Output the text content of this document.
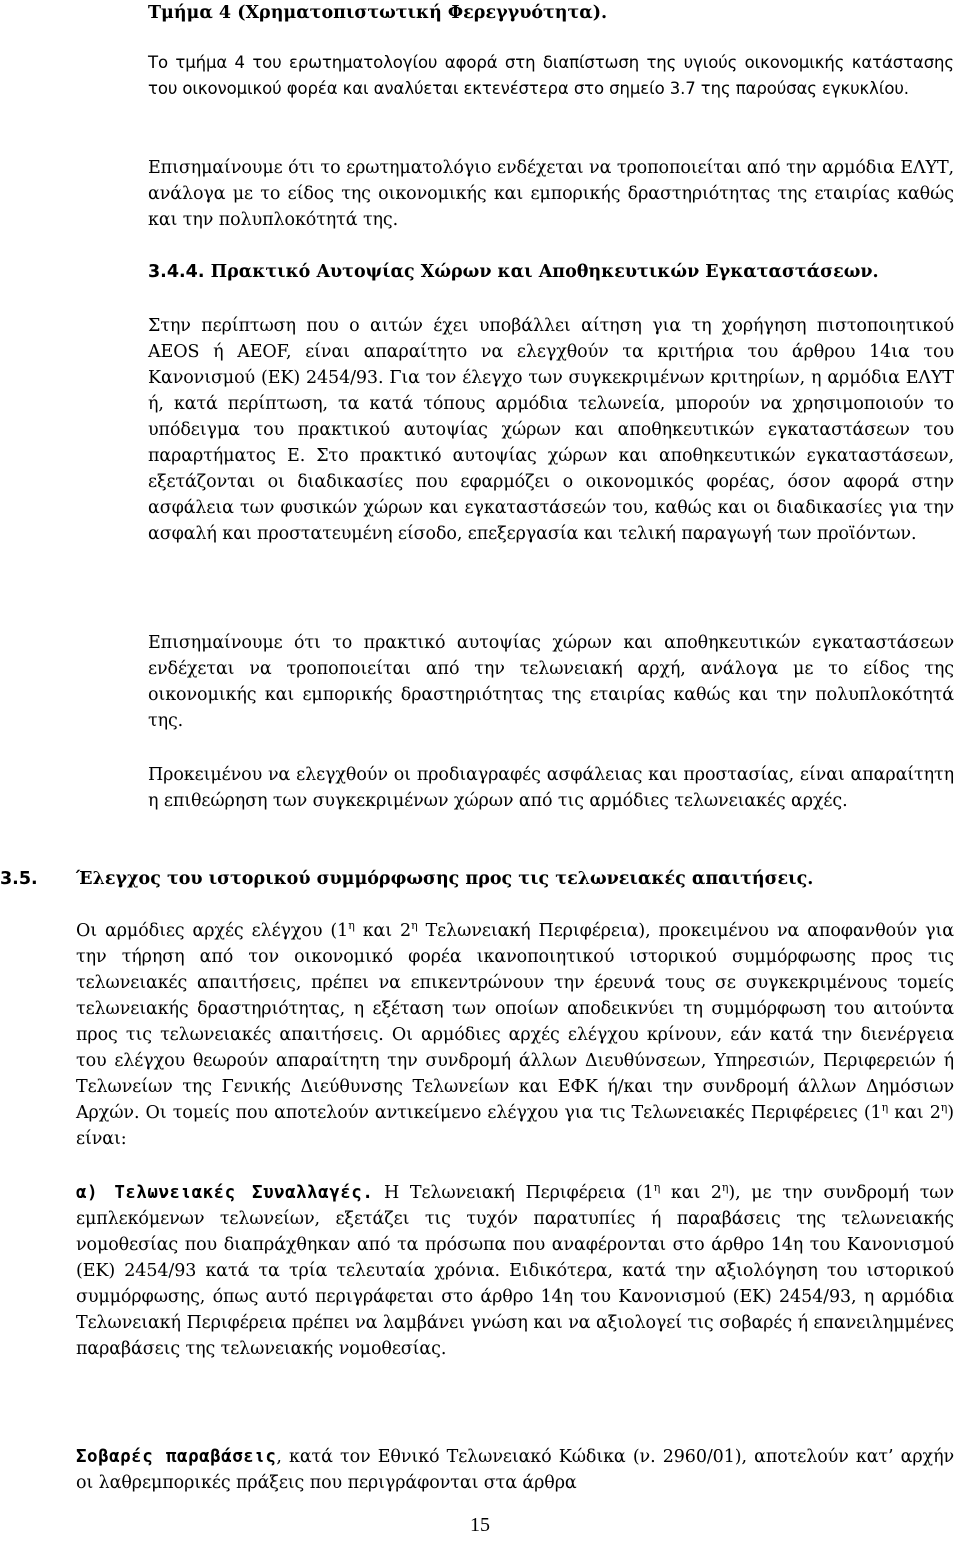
Τμήμα 4 (Χρηματοπιστωτική Φερεγγυότητα).

Το τμήμα 4 του ερωτηματολογίου αφορά στη διαπίστωση της υγιούς οικονομικής κατάστασης του οικονομικού φορέα και αναλύεται εκτενέστερα στο σημείο 3.7 της παρούσας εγκυκλίου.

Επισημαίνουμε ότι το ερωτηματολόγιο ενδέχεται να τροποποιείται από την αρμόδια ΕΛΥΤ, ανάλογα με το είδος της οικονομικής και εμπορικής δραστηριότητας της εταιρίας καθώς και την πολυπλοκότητά της.

3.4.4. Πρακτικό Αυτοψίας Χώρων και Αποθηκευτικών Εγκαταστάσεων.

Στην περίπτωση που ο αιτών έχει υποβάλλει αίτηση για τη χορήγηση πιστοποιητικού AEOS ή AEOF, είναι απαραίτητο να ελεγχθούν τα κριτήρια του άρθρου 14ια του Κανονισμού (ΕΚ) 2454/93. Για τον έλεγχο των συγκεκριμένων κριτηρίων, η αρμόδια ΕΛΥΤ ή, κατά περίπτωση, τα κατά τόπους αρμόδια τελωνεία, μπορούν να χρησιμοποιούν το υπόδειγμα του πρακτικού αυτοψίας χώρων και αποθηκευτικών εγκαταστάσεων του παραρτήματος Ε. Στο πρακτικό αυτοψίας χώρων και αποθηκευτικών εγκαταστάσεων, εξετάζονται οι διαδικασίες που εφαρμόζει ο οικονομικός φορέας, όσον αφορά στην ασφάλεια των φυσικών χώρων και εγκαταστάσεών του, καθώς και οι διαδικασίες για την ασφαλή και προστατευμένη είσοδο, επεξεργασία και τελική παραγωγή των προϊόντων.

Επισημαίνουμε ότι το πρακτικό αυτοψίας χώρων και αποθηκευτικών εγκαταστάσεων ενδέχεται να τροποποιείται από την τελωνειακή αρχή, ανάλογα με το είδος της οικονομικής και εμπορικής δραστηριότητας της εταιρίας καθώς και την πολυπλοκότητά της.

Προκειμένου να ελεγχθούν οι προδιαγραφές ασφάλειας και προστασίας, είναι απαραίτητη η επιθεώρηση των συγκεκριμένων χώρων από τις αρμόδιες τελωνειακές αρχές.

3.5. Έλεγχος του ιστορικού συμμόρφωσης προς τις τελωνειακές απαιτήσεις.

Οι αρμόδιες αρχές ελέγχου ($1^\eta$ και $2^\eta$ Τελωνειακή Περιφέρεια), προκειμένου να αποφανθούν για την τήρηση από τον οικονομικό φορέα ικανοποιητικού ιστορικού συμμόρφωσης προς τις τελωνειακές απαιτήσεις, πρέπει να επικεντρώνουν την έρευνά τους σε συγκεκριμένους τομείς τελωνειακής δραστηριότητας, η εξέταση των οποίων αποδεικνύει τη συμμόρφωση του αιτούντα προς τις τελωνειακές απαιτήσεις. Οι αρμόδιες αρχές ελέγχου κρίνουν, εάν κατά την διενέργεια του ελέγχου θεωρούν απαραίτητη την συνδρομή άλλων Διευθύνσεων, Υπηρεσιών, Περιφερειών ή Τελωνείων της Γενικής Διεύθυνσης Τελωνείων και ΕΦΚ ή/και την συνδρομή άλλων Δημόσιων Αρχών. Οι τομείς που αποτελούν αντικείμενο ελέγχου για τις Τελωνειακές Περιφέρειες ($1^\eta$ και $2^\eta$) είναι:

α) Τελωνειακές Συναλλαγές. Η Τελωνειακή Περιφέρεια ($1^\eta$ και $2^\eta$), με την συνδρομή των εμπλεκόμενων τελωνείων, εξετάζει τις τυχόν παρατυπίες ή παραβάσεις της τελωνειακής νομοθεσίας που διαπράχθηκαν από τα πρόσωπα που αναφέρονται στο άρθρο 14η του Κανονισμού (ΕΚ) 2454/93 κατά τα τρία τελευταία χρόνια. Ειδικότερα, κατά την αξιολόγηση του ιστορικού συμμόρφωσης, όπως αυτό περιγράφεται στο άρθρο 14η του Κανονισμού (ΕΚ) 2454/93, η αρμόδια Τελωνειακή Περιφέρεια πρέπει να λαμβάνει γνώση και να αξιολογεί τις σοβαρές ή επανειλημμένες παραβάσεις της τελωνειακής νομοθεσίας.

Σοβαρές παραβάσεις, κατά τον Εθνικό Τελωνειακό Κώδικα (ν. 2960/01), αποτελούν κατ’ αρχήν οι λαθρεμπορικές πράξεις που περιγράφονται στα άρθρα

15
